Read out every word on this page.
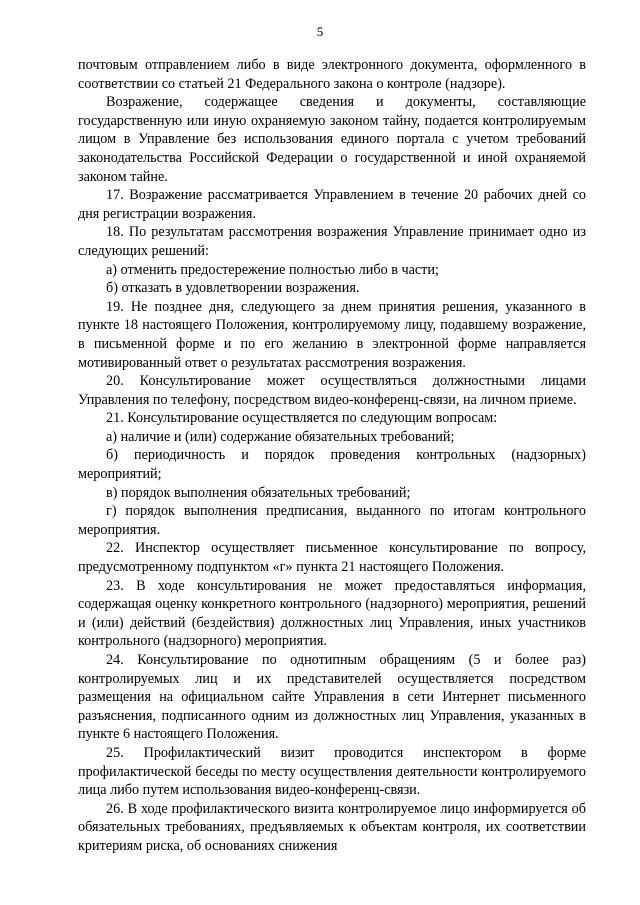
5

почтовым отправлением либо в виде электронного документа, оформленного в соответствии со статьей 21 Федерального закона о контроле (надзоре).

Возражение, содержащее сведения и документы, составляющие государственную или иную охраняемую законом тайну, подается контролируемым лицом в Управление без использования единого портала с учетом требований законодательства Российской Федерации о государственной и иной охраняемой законом тайне.

17. Возражение рассматривается Управлением в течение 20 рабочих дней со дня регистрации возражения.

18. По результатам рассмотрения возражения Управление принимает одно из следующих решений:

а) отменить предостережение полностью либо в части;

б) отказать в удовлетворении возражения.

19. Не позднее дня, следующего за днем принятия решения, указанного в пункте 18 настоящего Положения, контролируемому лицу, подавшему возражение, в письменной форме и по его желанию в электронной форме направляется мотивированный ответ о результатах рассмотрения возражения.

20. Консультирование может осуществляться должностными лицами Управления по телефону, посредством видео-конференц-связи, на личном приеме.

21. Консультирование осуществляется по следующим вопросам:

а) наличие и (или) содержание обязательных требований;

б) периодичность и порядок проведения контрольных (надзорных) мероприятий;

в) порядок выполнения обязательных требований;

г) порядок выполнения предписания, выданного по итогам контрольного мероприятия.

22. Инспектор осуществляет письменное консультирование по вопросу, предусмотренному подпунктом «г» пункта 21 настоящего Положения.

23. В ходе консультирования не может предоставляться информация, содержащая оценку конкретного контрольного (надзорного) мероприятия, решений и (или) действий (бездействия) должностных лиц Управления, иных участников контрольного (надзорного) мероприятия.

24. Консультирование по однотипным обращениям (5 и более раз) контролируемых лиц и их представителей осуществляется посредством размещения на официальном сайте Управления в сети Интернет письменного разъяснения, подписанного одним из должностных лиц Управления, указанных в пункте 6 настоящего Положения.

25. Профилактический визит проводится инспектором в форме профилактической беседы по месту осуществления деятельности контролируемого лица либо путем использования видео-конференц-связи.

26. В ходе профилактического визита контролируемое лицо информируется об обязательных требованиях, предъявляемых к объектам контроля, их соответствии критериям риска, об основаниях снижения
